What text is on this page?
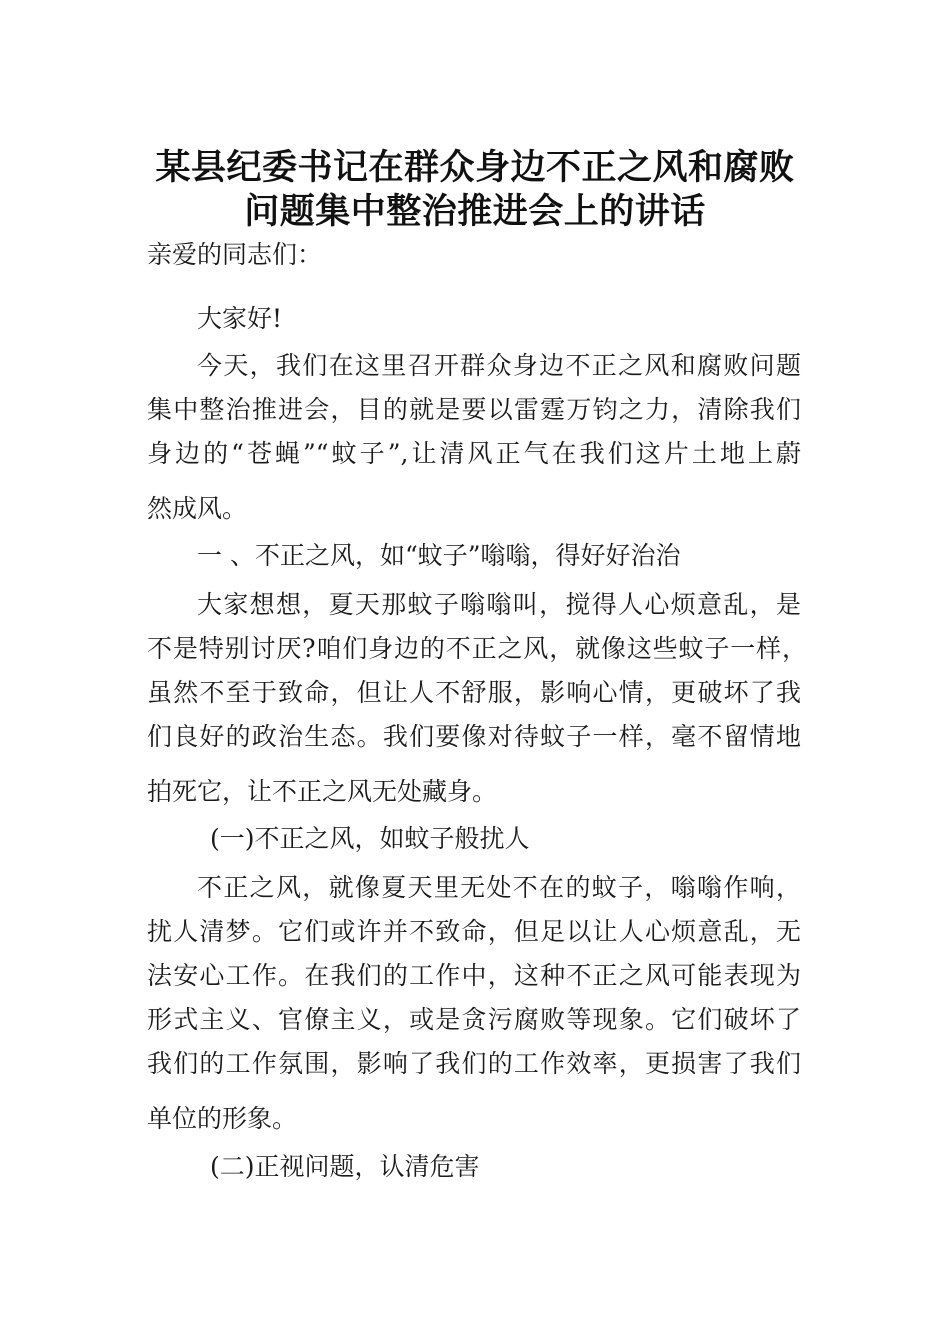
某县纪委书记在群众身边不正之风和腐败
问题集中整治推进会上的讲话

亲爱的同志们：

大家好!

今天，我们在这里召开群众身边不正之风和腐败问题

集中整治推进会，目的就是要以雷霆万钧之力，清除我们

身边的“苍蝇”“蚊子”,让清风正气在我们这片土地上蔚

然成风。

一 、不正之风，如“蚊子”嗡嗡，得好好治治

大家想想，夏天那蚊子嗡嗡叫，搅得人心烦意乱，是

不是特别讨厌?咱们身边的不正之风，就像这些蚊子一样，

虽然不至于致命，但让人不舒服，影响心情，更破坏了我

们良好的政治生态。我们要像对待蚊子一样，毫不留情地

拍死它，让不正之风无处藏身。

(一)不正之风，如蚊子般扰人

不正之风，就像夏天里无处不在的蚊子，嗡嗡作响，

扰人清梦。它们或许并不致命，但足以让人心烦意乱，无

法安心工作。在我们的工作中，这种不正之风可能表现为

形式主义、官僚主义，或是贪污腐败等现象。它们破坏了

我们的工作氛围，影响了我们的工作效率，更损害了我们

单位的形象。

(二)正视问题，认清危害
